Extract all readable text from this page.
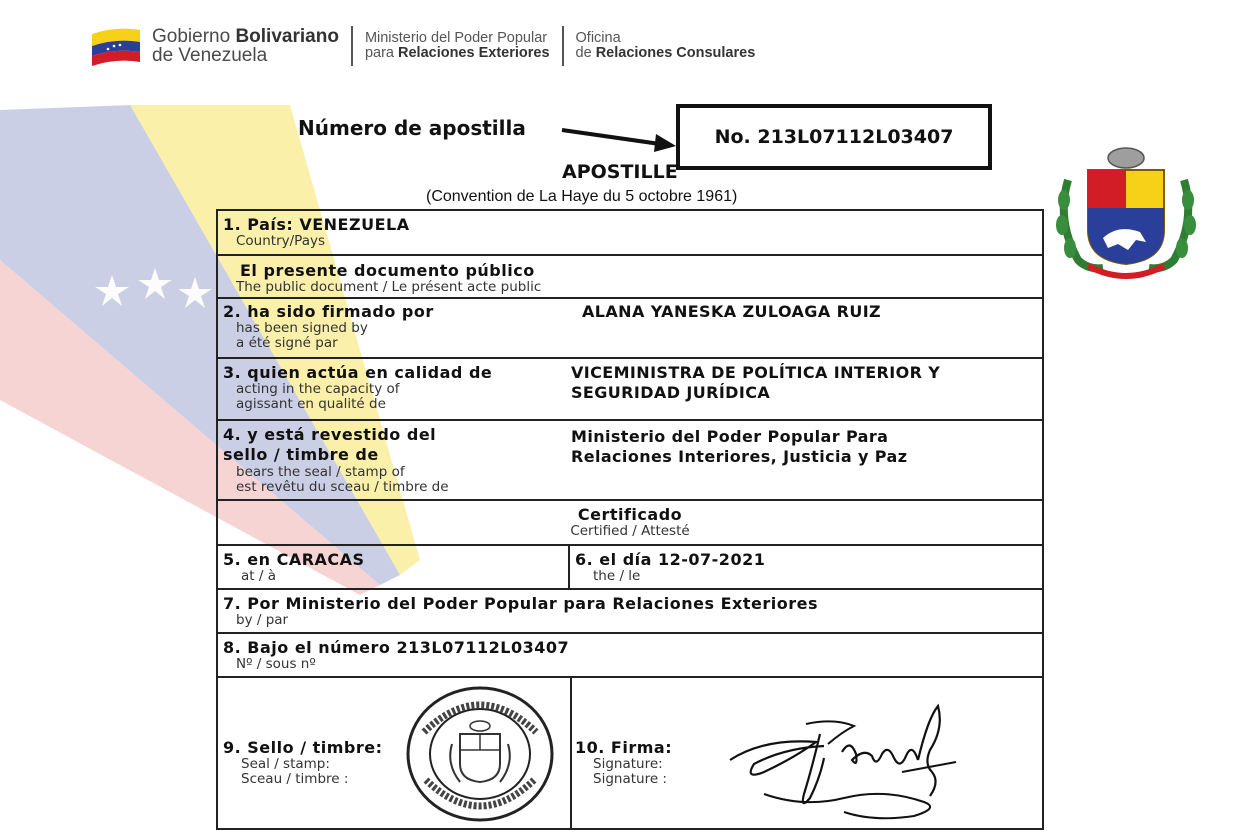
Gobierno Bolivariano
de Venezuela
Ministerio del Poder Popular
para Relaciones Exteriores
Oficina
de Relaciones Consulares
Número de apostilla	No. 213L07112L03407
APOSTILLE
(Convention de La Haye du 5 octobre 1961)
1. País: VENEZUELA
Country/Pays
El presente documento público
The public document / Le présent acte public
2. ha sido firmado por
has been signed by
a été signé par
ALANA YANESKA ZULOAGA RUIZ
3. quien actúa en calidad de
acting in the capacity of
agissant en qualité de
VICEMINISTRA DE POLÍTICA INTERIOR Y
SEGURIDAD JURÍDICA
4. y está revestido del
sello / timbre de
bears the seal / stamp of
est revêtu du sceau / timbre de
Ministerio del Poder Popular Para
Relaciones Interiores, Justicia y Paz
Certificado
Certified / Attesté
5. en CARACAS
at / à
6. el día 12-07-2021
the / le
7. Por Ministerio del Poder Popular para Relaciones Exteriores
by / par
8. Bajo el número 213L07112L03407
Nº / sous nº
9. Sello / timbre:
Seal / stamp:
Sceau / timbre :
10. Firma:
Signature:
Signature :
